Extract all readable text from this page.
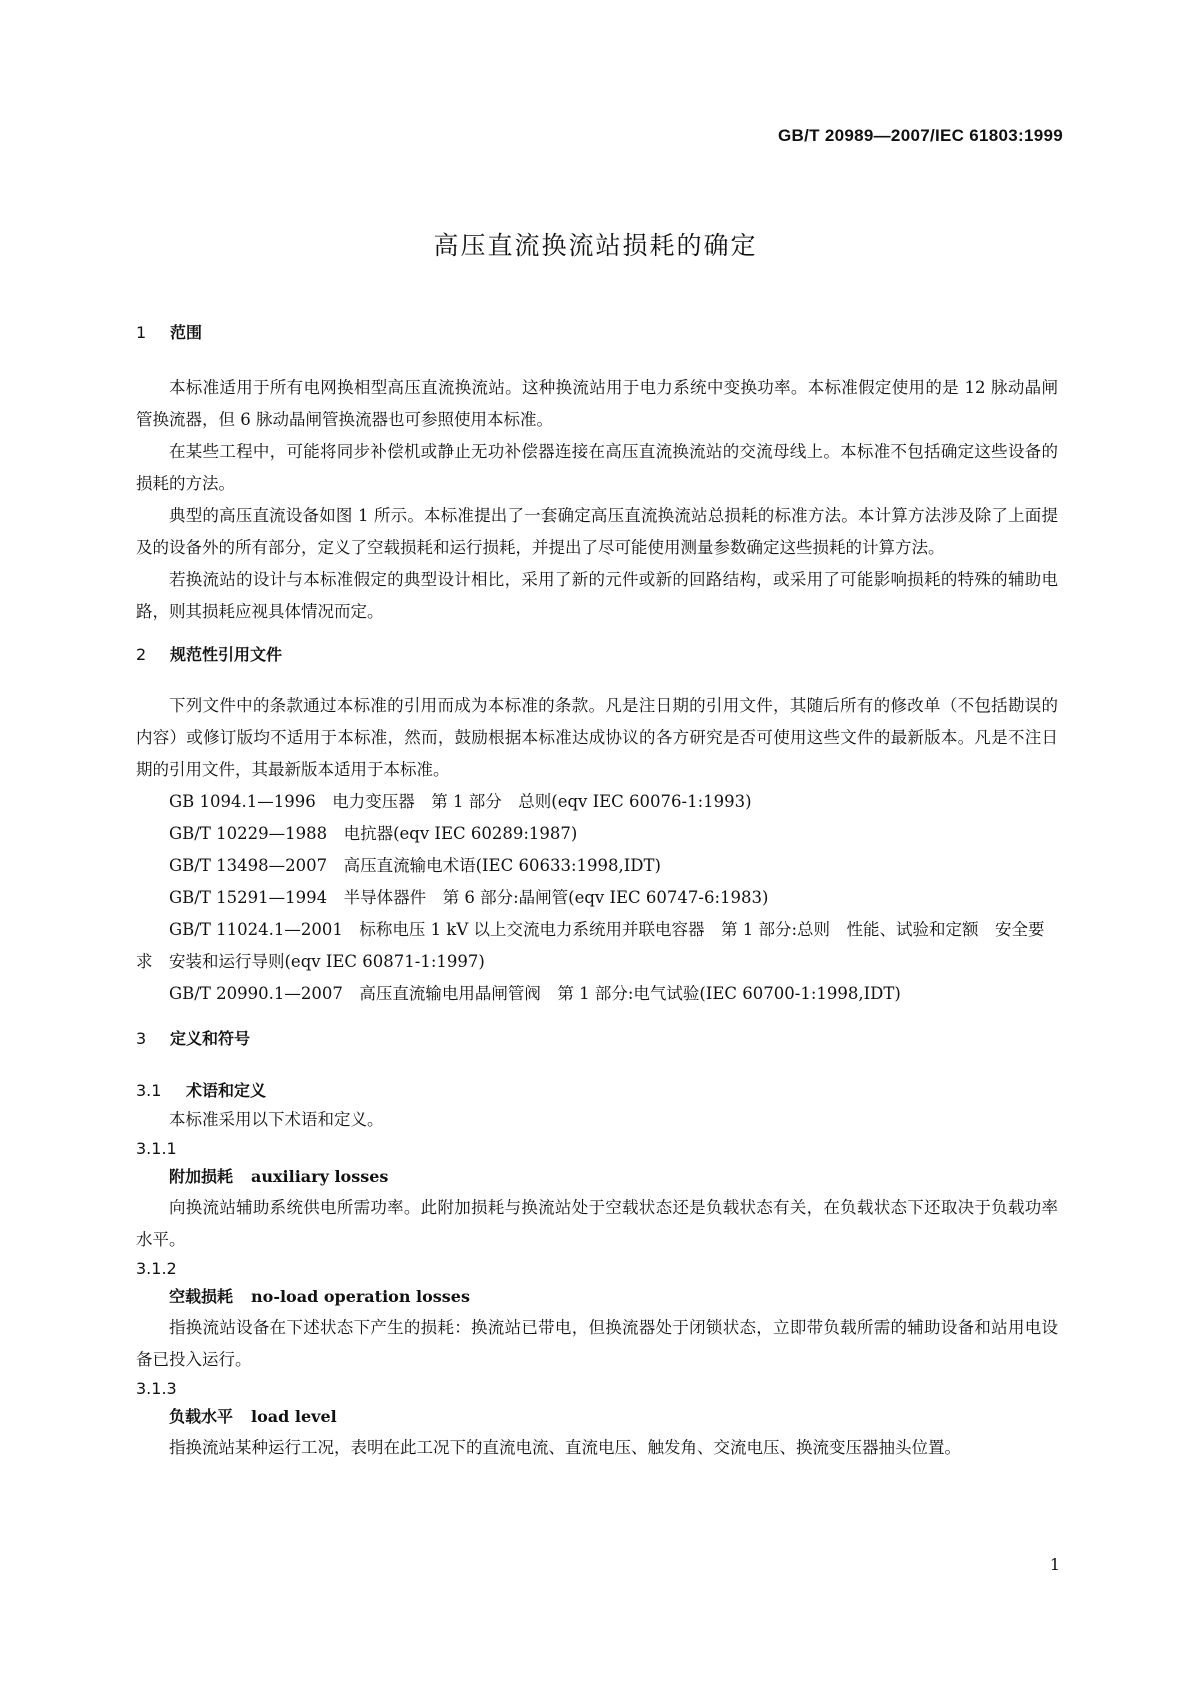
GB/T 20989—2007/IEC 61803:1999
高压直流换流站损耗的确定
1 范围

本标准适用于所有电网换相型高压直流换流站。这种换流站用于电力系统中变换功率。本标准假定使用的是 12 脉动晶闸管换流器，但 6 脉动晶闸管换流器也可参照使用本标准。

在某些工程中，可能将同步补偿机或静止无功补偿器连接在高压直流换流站的交流母线上。本标准不包括确定这些设备的损耗的方法。

典型的高压直流设备如图 1 所示。本标准提出了一套确定高压直流换流站总损耗的标准方法。本计算方法涉及除了上面提及的设备外的所有部分，定义了空载损耗和运行损耗，并提出了尽可能使用测量参数确定这些损耗的计算方法。

若换流站的设计与本标准假定的典型设计相比，采用了新的元件或新的回路结构，或采用了可能影响损耗的特殊的辅助电路，则其损耗应视具体情况而定。

2 规范性引用文件

下列文件中的条款通过本标准的引用而成为本标准的条款。凡是注日期的引用文件，其随后所有的修改单（不包括勘误的内容）或修订版均不适用于本标准，然而，鼓励根据本标准达成协议的各方研究是否可使用这些文件的最新版本。凡是不注日期的引用文件，其最新版本适用于本标准。

GB 1094.1—1996　电力变压器　第 1 部分　总则(eqv IEC 60076-1:1993)

GB/T 10229—1988　电抗器(eqv IEC 60289:1987)

GB/T 13498—2007　高压直流输电术语(IEC 60633:1998,IDT)

GB/T 15291—1994　半导体器件　第 6 部分:晶闸管(eqv IEC 60747-6:1983)

GB/T 11024.1—2001　标称电压 1 kV 以上交流电力系统用并联电容器　第 1 部分:总则　性能、试验和定额　安全要求　安装和运行导则(eqv IEC 60871-1:1997)

GB/T 20990.1—2007　高压直流输电用晶闸管阀　第 1 部分:电气试验(IEC 60700-1:1998,IDT)

3 定义和符号
3.1 术语和定义

本标准采用以下术语和定义。

3.1.1
附加损耗 auxiliary losses

向换流站辅助系统供电所需功率。此附加损耗与换流站处于空载状态还是负载状态有关，在负载状态下还取决于负载功率水平。

3.1.2
空载损耗 no-load operation losses

指换流站设备在下述状态下产生的损耗：换流站已带电，但换流器处于闭锁状态，立即带负载所需的辅助设备和站用电设备已投入运行。

3.1.3
负载水平 load level

指换流站某种运行工况，表明在此工况下的直流电流、直流电压、触发角、交流电压、换流变压器抽头位置。

1
